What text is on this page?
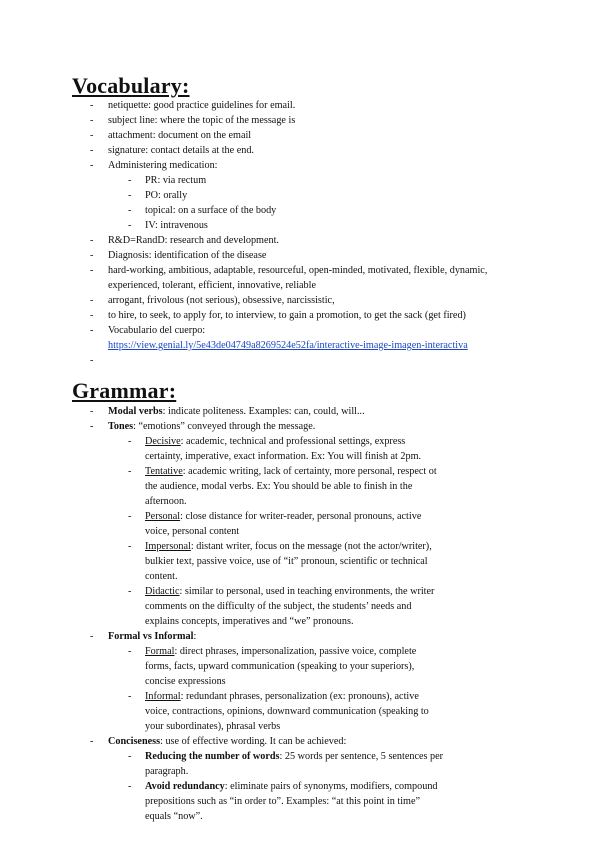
Vocabulary:
- netiquette: good practice guidelines for email.
- subject line: where the topic of the message is
- attachment: document on the email
- signature: contact details at the end.
- Administering medication:
- PR: via rectum
- PO: orally
- topical: on a surface of the body
- IV: intravenous
- R&D=RandD: research and development.
- Diagnosis: identification of the disease
- hard-working, ambitious, adaptable, resourceful, open-minded, motivated, flexible, dynamic, experienced, tolerant, efficient, innovative, reliable
- arrogant, frivolous (not serious), obsessive, narcissistic,
- to hire, to seek, to apply for, to interview, to gain a promotion, to get the sack (get fired)
- Vocabulario del cuerpo:
https://view.genial.ly/5e43de04749a8269524e52fa/interactive-image-imagen-interactiva
-
Grammar:
- Modal verbs: indicate politeness. Examples: can, could, will...
- Tones: “emotions” conveyed through the message.
- Decisive: academic, technical and professional settings, express certainty, imperative, exact information. Ex: You will finish at 2pm.
- Tentative: academic writing, lack of certainty, more personal, respect ot the audience, modal verbs. Ex: You should be able to finish in the afternoon.
- Personal: close distance for writer-reader, personal pronouns, active voice, personal content
- Impersonal: distant writer, focus on the message (not the actor/writer), bulkier text, passive voice, use of “it” pronoun, scientific or technical content.
- Didactic: similar to personal, used in teaching environments, the writer comments on the difficulty of the subject, the students’ needs and explains concepts, imperatives and “we” pronouns.
- Formal vs Informal:
- Formal: direct phrases, impersonalization, passive voice, complete forms, facts, upward communication (speaking to your superiors), concise expressions
- Informal: redundant phrases, personalization (ex: pronouns), active voice, contractions, opinions, downward communication (speaking to your subordinates), phrasal verbs
- Conciseness: use of effective wording. It can be achieved:
- Reducing the number of words: 25 words per sentence, 5 sentences per paragraph.
- Avoid redundancy: eliminate pairs of synonyms, modifiers, compound prepositions such as “in order to”. Examples: “at this point in time” equals “now”.
